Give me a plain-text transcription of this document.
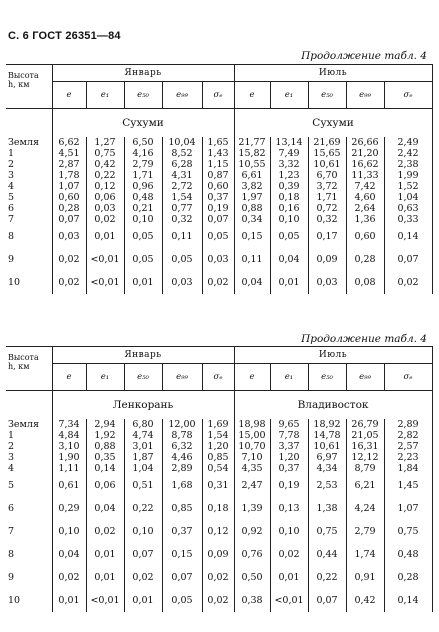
С. 6 ГОСТ 26351—84
Продолжение табл. 4
Высота
h, км	Январь					Июль				
	e	e₁	e₅₀	e₉₉	σₑ	e	e₁	e₅₀	e₉₉	σₑ
	Сухуми					Сухуми				
Земля	6,62	1,27	6,50	10,04	1,65	21,77	13,14	21,69	26,66	2,49
1	4,51	0,75	4,16	8,52	1,43	15,82	7,49	15,65	21,20	2,42
2	2,87	0,42	2,79	6,28	1,15	10,55	3,32	10,61	16,62	2,38
3	1,78	0,22	1,71	4,31	0,87	6,61	1,23	6,70	11,33	1,99
4	1,07	0,12	0,96	2,72	0,60	3,82	0,39	3,72	7,42	1,52
5	0,60	0,06	0,48	1,54	0,37	1,97	0,18	1,71	4,60	1,04
6	0,28	0,03	0,21	0,77	0,19	0,88	0,16	0,72	2,64	0,63
7	0,07	0,02	0,10	0,32	0,07	0,34	0,10	0,32	1,36	0,33
8	0,03	0,01	0,05	0,11	0,05	0,15	0,05	0,17	0,60	0,14
9	0,02	<0,01	0,05	0,05	0,03	0,11	0,04	0,09	0,28	0,07
10	0,02	<0,01	0,01	0,03	0,02	0,04	0,01	0,03	0,08	0,02
Продолжение табл. 4
Высота
h, км	Январь					Июль				
	e	e₁	e₅₀	e₉₉	σₑ	e	e₁	e₅₀	e₉₉	σₑ
	Ленкорань					Владивосток				
Земля	7,34	2,94	6,80	12,00	1,69	18,98	9,65	18,92	26,79	2,89
1	4,84	1,92	4,74	8,78	1,54	15,00	7,78	14,78	21,05	2,82
2	3,10	0,88	3,01	6,32	1,20	10,70	3,37	10,61	16,31	2,57
3	1,90	0,35	1,87	4,46	0,85	7,10	1,20	6,97	12,12	2,23
4	1,11	0,14	1,04	2,89	0,54	4,35	0,37	4,34	8,79	1,84
5	0,61	0,06	0,51	1,68	0,31	2,47	0,19	2,53	6,21	1,45
6	0,29	0,04	0,22	0,85	0,18	1,39	0,13	1,38	4,24	1,07
7	0,10	0,02	0,10	0,37	0,12	0,92	0,10	0,75	2,79	0,75
8	0,04	0,01	0,07	0,15	0,09	0,76	0,02	0,44	1,74	0,48
9	0,02	0,01	0,02	0,07	0,02	0,50	0,01	0,22	0,91	0,28
10	0,01	<0,01	0,01	0,05	0,02	0,38	<0,01	0,07	0,42	0,14
